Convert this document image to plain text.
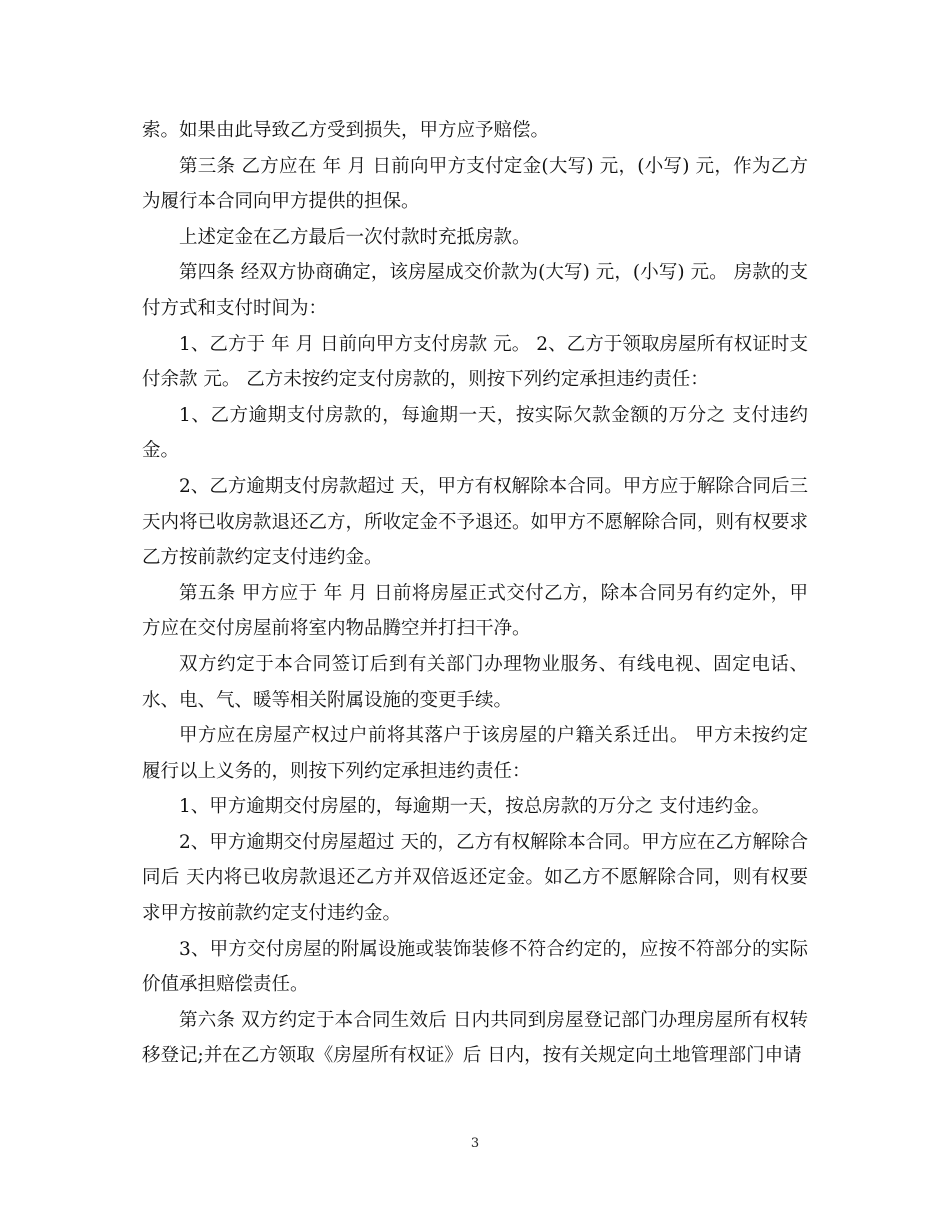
索。如果由此导致乙方受到损失，甲方应予赔偿。

第三条 乙方应在 年 月 日前向甲方支付定金(大写) 元，(小写) 元，作为乙方为履行本合同向甲方提供的担保。

上述定金在乙方最后一次付款时充抵房款。

第四条 经双方协商确定，该房屋成交价款为(大写) 元，(小写) 元。 房款的支付方式和支付时间为：

1、乙方于 年 月 日前向甲方支付房款 元。 2、乙方于领取房屋所有权证时支付余款 元。 乙方未按约定支付房款的，则按下列约定承担违约责任：

1、乙方逾期支付房款的，每逾期一天，按实际欠款金额的万分之 支付违约金。

2、乙方逾期支付房款超过 天，甲方有权解除本合同。甲方应于解除合同后三天内将已收房款退还乙方，所收定金不予退还。如甲方不愿解除合同，则有权要求乙方按前款约定支付违约金。

第五条 甲方应于 年 月 日前将房屋正式交付乙方，除本合同另有约定外，甲方应在交付房屋前将室内物品腾空并打扫干净。

双方约定于本合同签订后到有关部门办理物业服务、有线电视、固定电话、水、电、气、暖等相关附属设施的变更手续。

甲方应在房屋产权过户前将其落户于该房屋的户籍关系迁出。 甲方未按约定履行以上义务的，则按下列约定承担违约责任：

1、甲方逾期交付房屋的，每逾期一天，按总房款的万分之 支付违约金。

2、甲方逾期交付房屋超过 天的，乙方有权解除本合同。甲方应在乙方解除合同后 天内将已收房款退还乙方并双倍返还定金。如乙方不愿解除合同，则有权要求甲方按前款约定支付违约金。

3、甲方交付房屋的附属设施或装饰装修不符合约定的，应按不符部分的实际价值承担赔偿责任。

第六条 双方约定于本合同生效后 日内共同到房屋登记部门办理房屋所有权转移登记;并在乙方领取《房屋所有权证》后 日内，按有关规定向土地管理部门申请

3
